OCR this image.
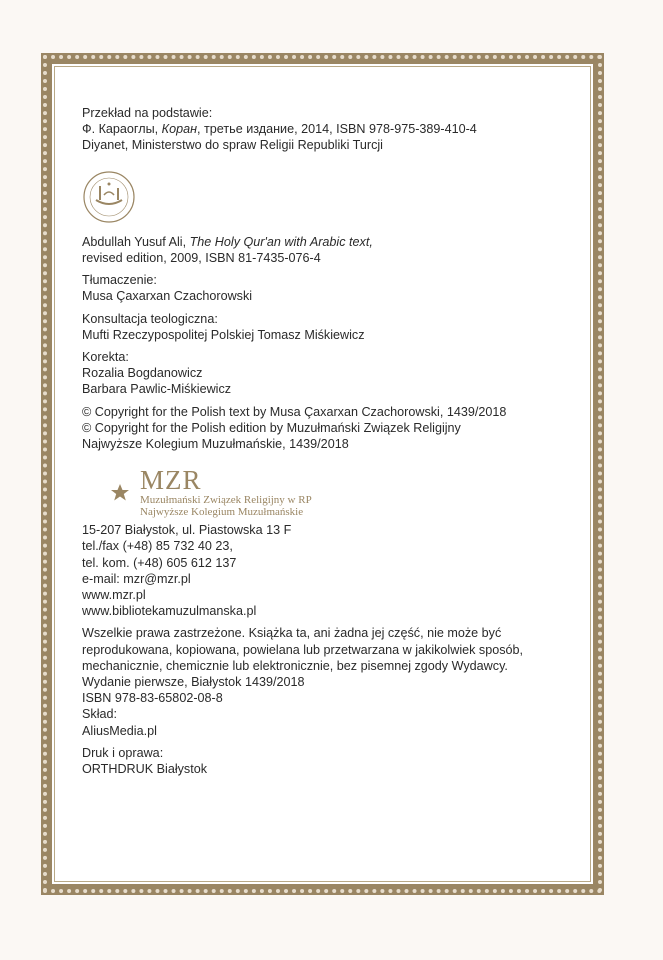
Przekład na podstawie:

Ф. Караоглы, Коран, третье издание, 2014, ISBN 978-975-389-410-4

Diyanet, Ministerstwo do spraw Religii Republiki Turcji

Abdullah Yusuf Ali, The Holy Qur'an with Arabic text,

revised edition, 2009, ISBN 81-7435-076-4

Tłumaczenie:

Musa Çaxarxan Czachorowski

Konsultacja teologiczna:

Mufti Rzeczypospolitej Polskiej Tomasz Miśkiewicz

Korekta:

Rozalia Bogdanowicz

Barbara Pawlic-Miśkiewicz

© Copyright for the Polish text by Musa Çaxarxan Czachorowski, 1439/2018

© Copyright for the Polish edition by Muzułmański Związek Religijny

Najwyższe Kolegium Muzułmańskie, 1439/2018

MZR
Muzułmański Związek Religijny w RP
Najwyższe Kolegium Muzułmańskie

15-207 Białystok, ul. Piastowska 13 F

tel./fax (+48) 85 732 40 23,

tel. kom. (+48) 605 612 137

e-mail: mzr@mzr.pl

www.mzr.pl

www.bibliotekamuzulmanska.pl

Wszelkie prawa zastrzeżone. Książka ta, ani żadna jej część, nie może być reprodukowana, kopiowana, powielana lub przetwarzana w jakikolwiek sposób, mechanicznie, chemicznie lub elektronicznie, bez pisemnej zgody Wydawcy.

Wydanie pierwsze, Białystok 1439/2018

ISBN 978-83-65802-08-8

Skład:

AliusMedia.pl

Druk i oprawa:

ORTHDRUK Białystok
